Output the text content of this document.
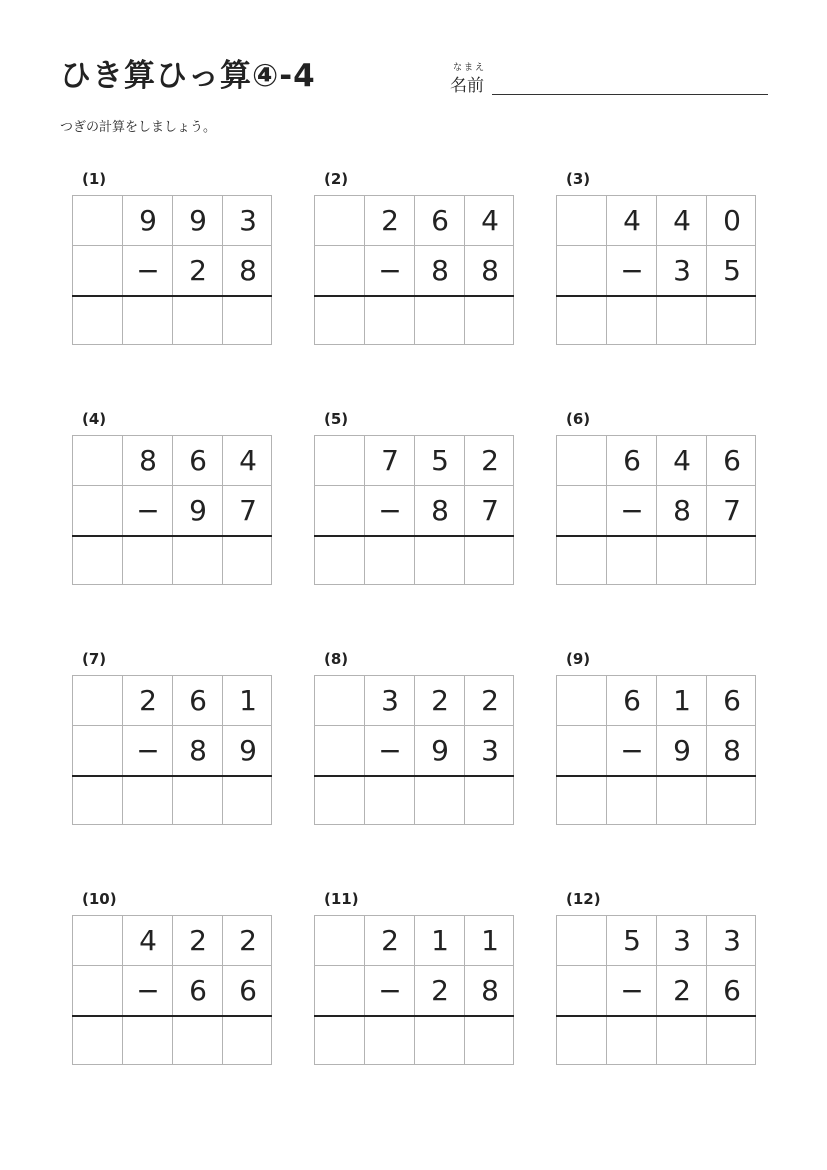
ひき算ひっ算④-4	なまえ
名前
つぎの計算をしましょう。
(1)
9	9	3
−	2	8
(2)
2	6	4
−	8	8
(3)
4	4	0
−	3	5
(4)
8	6	4
−	9	7
(5)
7	5	2
−	8	7
(6)
6	4	6
−	8	7
(7)
2	6	1
−	8	9
(8)
3	2	2
−	9	3
(9)
6	1	6
−	9	8
(10)
4	2	2
−	6	6
(11)
2	1	1
−	2	8
(12)
5	3	3
−	2	6
